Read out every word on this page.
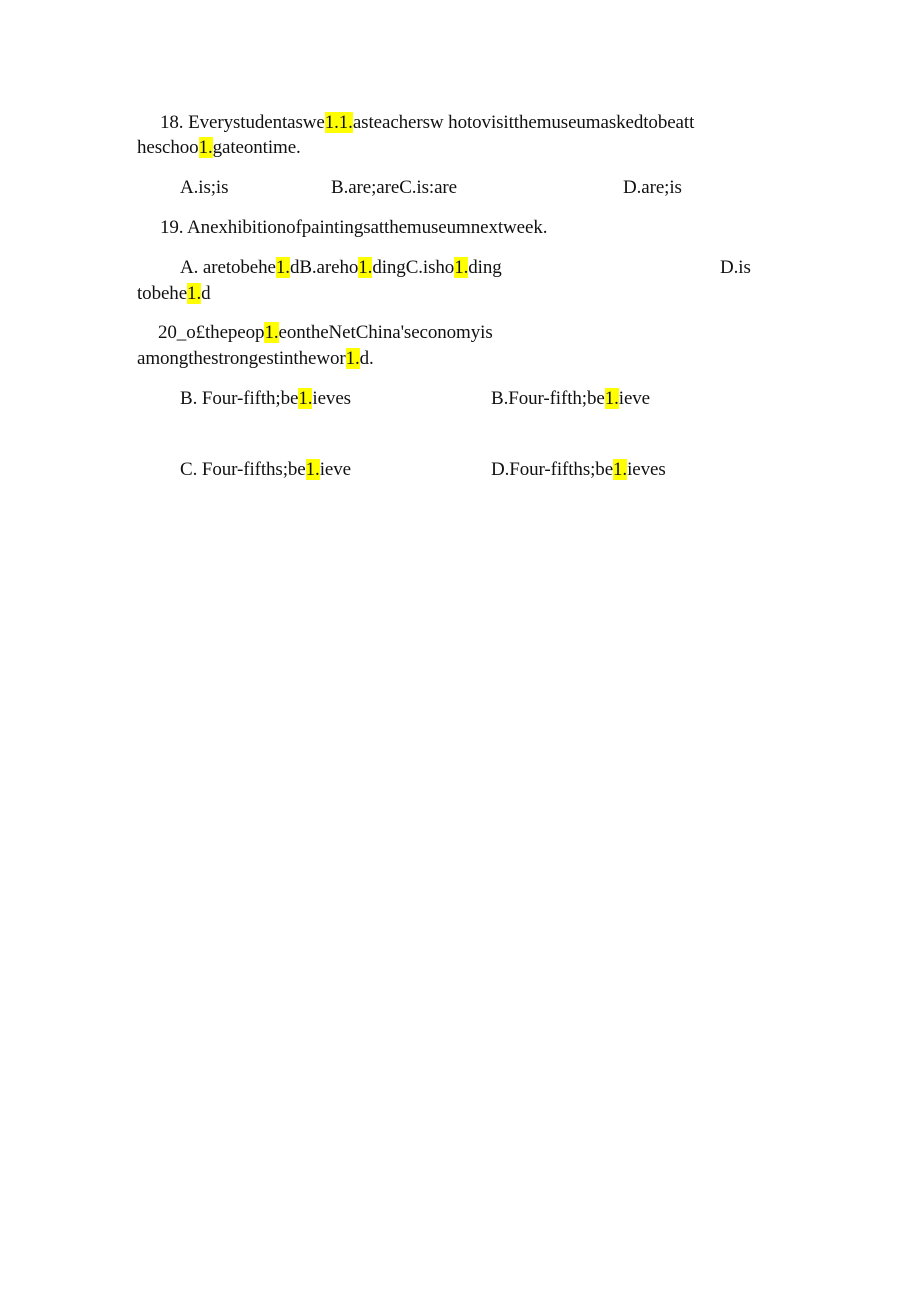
18. Everystudentaswe1.1.asteachersw hotovisitthemuseumaskedtobeatt
heschoo1.gateontime.
A.is;is	B.are;areC.is:are	D.are;is
19. Anexhibitionofpaintingsatthemuseumnextweek.
A. aretobehe1.dB.areho1.dingC.isho1.ding	D.is
tobehe1.d
20_o£thepeop1.eontheNetChina'seconomyis
amongthestrongestinthewor1.d.
B. Four-fifth;be1.ieves	B.Four-fifth;be1.ieve
C. Four-fifths;be1.ieve	D.Four-fifths;be1.ieves
